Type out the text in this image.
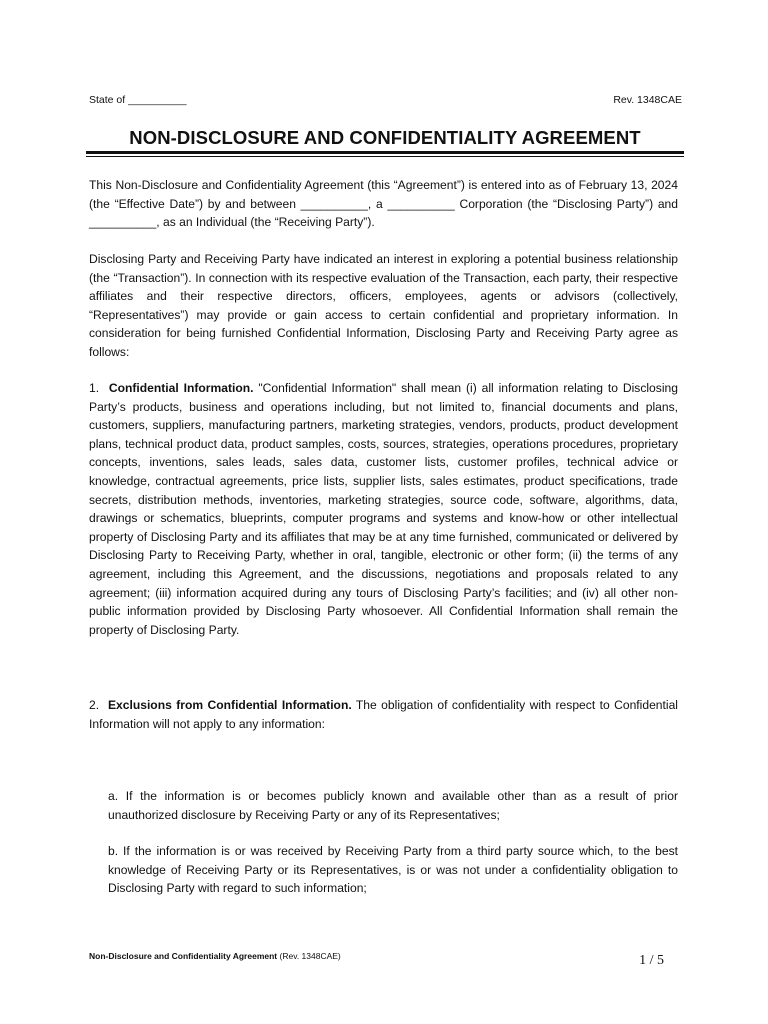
State of __________	Rev. 1348CAE
NON-DISCLOSURE AND CONFIDENTIALITY AGREEMENT

This Non-Disclosure and Confidentiality Agreement (this “Agreement”) is entered into as of February 13, 2024 (the “Effective Date”) by and between __________, a __________ Corporation (the “Disclosing Party”) and __________, as an Individual (the “Receiving Party”).

Disclosing Party and Receiving Party have indicated an interest in exploring a potential business relationship (the “Transaction”). In connection with its respective evaluation of the Transaction, each party, their respective affiliates and their respective directors, officers, employees, agents or advisors (collectively, “Representatives”) may provide or gain access to certain confidential and proprietary information. In consideration for being furnished Confidential Information, Disclosing Party and Receiving Party agree as follows:

1. Confidential Information. "Confidential Information" shall mean (i) all information relating to Disclosing Party’s products, business and operations including, but not limited to, financial documents and plans, customers, suppliers, manufacturing partners, marketing strategies, vendors, products, product development plans, technical product data, product samples, costs, sources, strategies, operations procedures, proprietary concepts, inventions, sales leads, sales data, customer lists, customer profiles, technical advice or knowledge, contractual agreements, price lists, supplier lists, sales estimates, product specifications, trade secrets, distribution methods, inventories, marketing strategies, source code, software, algorithms, data, drawings or schematics, blueprints, computer programs and systems and know-how or other intellectual property of Disclosing Party and its affiliates that may be at any time furnished, communicated or delivered by Disclosing Party to Receiving Party, whether in oral, tangible, electronic or other form; (ii) the terms of any agreement, including this Agreement, and the discussions, negotiations and proposals related to any agreement; (iii) information acquired during any tours of Disclosing Party’s facilities; and (iv) all other non-public information provided by Disclosing Party whosoever. All Confidential Information shall remain the property of Disclosing Party.

2. Exclusions from Confidential Information. The obligation of confidentiality with respect to Confidential Information will not apply to any information:

a. If the information is or becomes publicly known and available other than as a result of prior unauthorized disclosure by Receiving Party or any of its Representatives;

b. If the information is or was received by Receiving Party from a third party source which, to the best knowledge of Receiving Party or its Representatives, is or was not under a confidentiality obligation to Disclosing Party with regard to such information;

Non-Disclosure and Confidentiality Agreement (Rev. 1348CAE)	1 / 5
